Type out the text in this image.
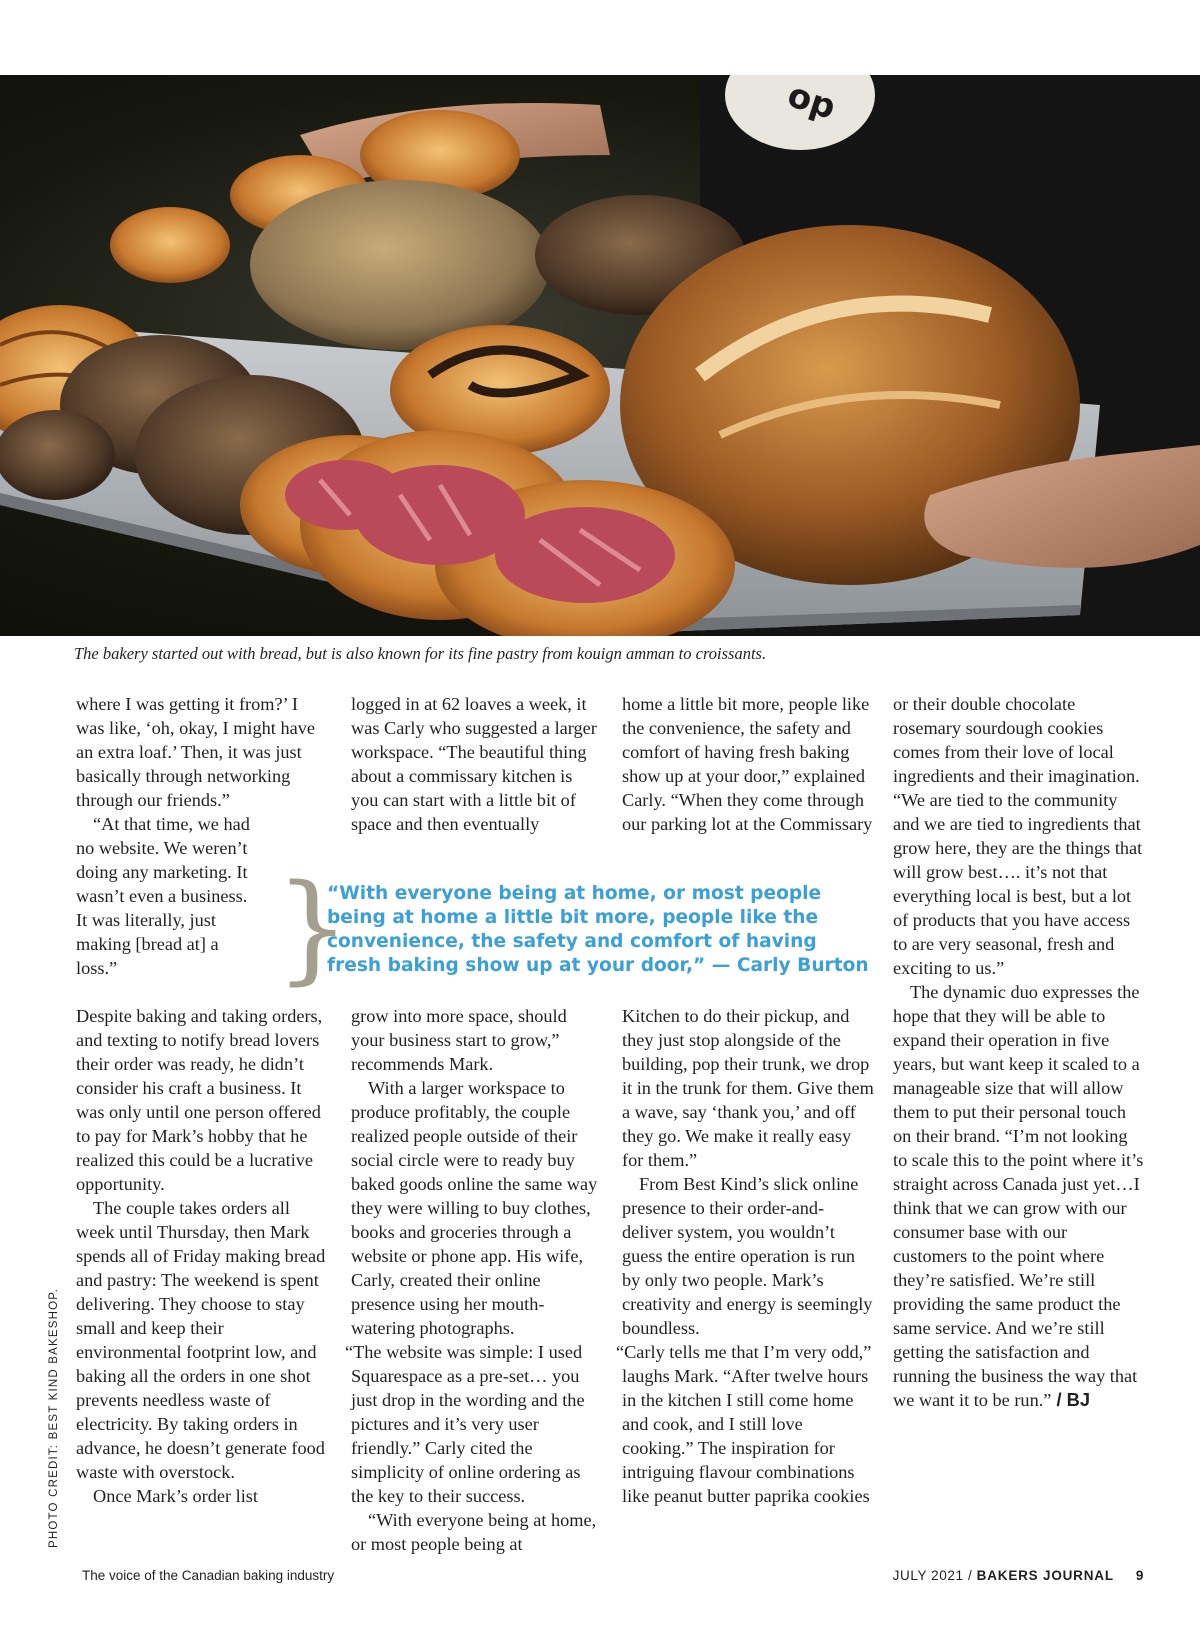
op
The bakery started out with bread, but is also known for its fine pastry from kouign amman to croissants.

where I was getting it from?’ I was like, ‘oh, okay, I might have an extra loaf.’ Then, it was just basically through networking through our friends.”

“At that time, we had no website. We weren’t doing any marketing. It wasn’t even a business. It was literally, just making [bread at] a loss.”

Despite baking and taking orders, and texting to notify bread lovers their order was ready, he didn’t consider his craft a business. It was only until one person offered to pay for Mark’s hobby that he realized this could be a lucrative opportunity.

The couple takes orders all week until Thursday, then Mark spends all of Friday making bread and pastry: The weekend is spent delivering. They choose to stay small and keep their environmental footprint low, and baking all the orders in one shot prevents needless waste of electricity. By taking orders in advance, he doesn’t generate food waste with overstock.

Once Mark’s order list

logged in at 62 loaves a week, it was Carly who suggested a larger workspace. “The beautiful thing about a commissary kitchen is you can start with a little bit of space and then eventually

grow into more space, should your business start to grow,” recommends Mark.

With a larger workspace to produce profitably, the couple realized people outside of their social circle were to ready buy baked goods online the same way they were willing to buy clothes, books and groceries through a website or phone app. His wife, Carly, created their online presence using her mouth-watering photographs.

“The website was simple: I used Squarespace as a pre-set… you just drop in the wording and the pictures and it’s very user friendly.” Carly cited the simplicity of online ordering as the key to their success.

“With everyone being at home, or most people being at

home a little bit more, people like the convenience, the safety and comfort of having fresh baking show up at your door,” explained Carly. “When they come through our parking lot at the Commissary

Kitchen to do their pickup, and they just stop alongside of the building, pop their trunk, we drop it in the trunk for them. Give them a wave, say ‘thank you,’ and off they go. We make it really easy for them.”

From Best Kind’s slick online presence to their order-and-deliver system, you wouldn’t guess the entire operation is run by only two people. Mark’s creativity and energy is seemingly boundless.

“Carly tells me that I’m very odd,” laughs Mark. “After twelve hours in the kitchen I still come home and cook, and I still love cooking.” The inspiration for intriguing flavour combinations like peanut butter paprika cookies

or their double chocolate rosemary sourdough cookies comes from their love of local ingredients and their imagination. “We are tied to the community and we are tied to ingredients that grow here, they are the things that will grow best…. it’s not that everything local is best, but a lot of products that you have access to are very seasonal, fresh and exciting to us.”

The dynamic duo expresses the hope that they will be able to expand their operation in five years, but want keep it scaled to a manageable size that will allow them to put their personal touch on their brand. “I’m not looking to scale this to the point where it’s straight across Canada just yet…I think that we can grow with our consumer base with our customers to the point where they’re satisfied. We’re still providing the same product the same service. And we’re still getting the satisfaction and running the business the way that we want it to be run.” / BJ

}
“With everyone being at home, or most people being at home a little bit more, people like the convenience, the safety and comfort of having fresh baking show up at your door,” — Carly Burton
PHOTO CREDIT: BEST KIND BAKESHOP.
The voice of the Canadian baking industry	JULY 2021 / BAKERS JOURNAL 9
